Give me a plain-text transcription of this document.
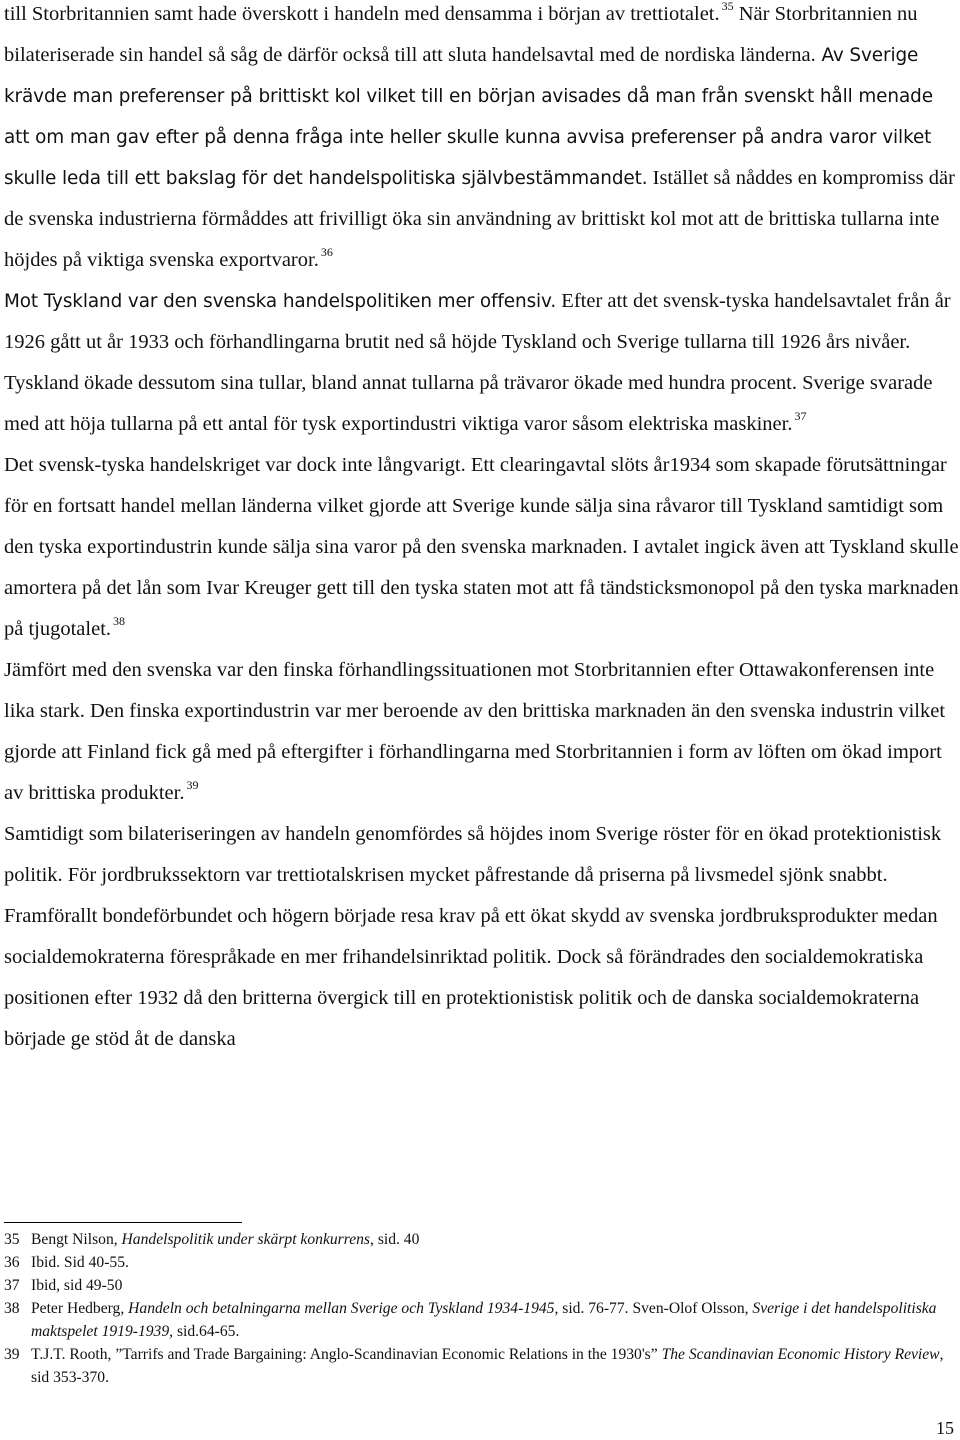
till Storbritannien samt hade överskott i handeln med densamma i början av trettiotalet. $^{35}$ När Storbritannien nu bilateriserade sin handel så såg de därför också till att sluta handelsavtal med de nordiska länderna. Av Sverige krävde man preferenser på brittiskt kol vilket till en början avisades då man från svenskt håll menade att om man gav efter på denna fråga inte heller skulle kunna avvisa preferenser på andra varor vilket skulle leda till ett bakslag för det handelspolitiska självbestämmandet. Istället så nåddes en kompromiss där de svenska industrierna förmåddes att frivilligt öka sin användning av brittiskt kol mot att de brittiska tullarna inte höjdes på viktiga svenska exportvaror. $^{36}$

Mot Tyskland var den svenska handelspolitiken mer offensiv. Efter att det svensk-tyska handelsavtalet från år 1926 gått ut år 1933 och förhandlingarna brutit ned så höjde Tyskland och Sverige tullarna till 1926 års nivåer. Tyskland ökade dessutom sina tullar, bland annat tullarna på trävaror ökade med hundra procent. Sverige svarade med att höja tullarna på ett antal för tysk exportindustri viktiga varor såsom elektriska maskiner. $^{37}$

Det svensk-tyska handelskriget var dock inte långvarigt. Ett clearingavtal slöts år1934 som skapade förutsättningar för en fortsatt handel mellan länderna vilket gjorde att Sverige kunde sälja sina råvaror till Tyskland samtidigt som den tyska exportindustrin kunde sälja sina varor på den svenska marknaden. I avtalet ingick även att Tyskland skulle amortera på det lån som Ivar Kreuger gett till den tyska staten mot att få tändsticksmonopol på den tyska marknaden på tjugotalet. $^{38}$

Jämfört med den svenska var den finska förhandlingssituationen mot Storbritannien efter Ottawakonferensen inte lika stark. Den finska exportindustrin var mer beroende av den brittiska marknaden än den svenska industrin vilket gjorde att Finland fick gå med på eftergifter i förhandlingarna med Storbritannien i form av löften om ökad import av brittiska produkter. $^{39}$

Samtidigt som bilateriseringen av handeln genomfördes så höjdes inom Sverige röster för en ökad protektionistisk politik. För jordbrukssektorn var trettiotalskrisen mycket påfrestande då priserna på livsmedel sjönk snabbt. Framförallt bondeförbundet och högern började resa krav på ett ökat skydd av svenska jordbruksprodukter medan socialdemokraterna förespråkade en mer frihandelsinriktad politik. Dock så förändrades den socialdemokratiska positionen efter 1932 då den britterna övergick till en protektionistisk politik och de danska socialdemokraterna började ge stöd åt de danska

35 Bengt Nilson, Handelspolitik under skärpt konkurrens, sid. 40
36 Ibid. Sid 40-55.
37 Ibid, sid 49-50
38 Peter Hedberg, Handeln och betalningarna mellan Sverige och Tyskland 1934-1945, sid. 76-77. Sven-Olof Olsson, Sverige i det handelspolitiska maktspelet 1919-1939, sid.64-65.
39 T.J.T. Rooth, ”Tarrifs and Trade Bargaining: Anglo-Scandinavian Economic Relations in the 1930's” The Scandinavian Economic History Review, sid 353-370.
15
